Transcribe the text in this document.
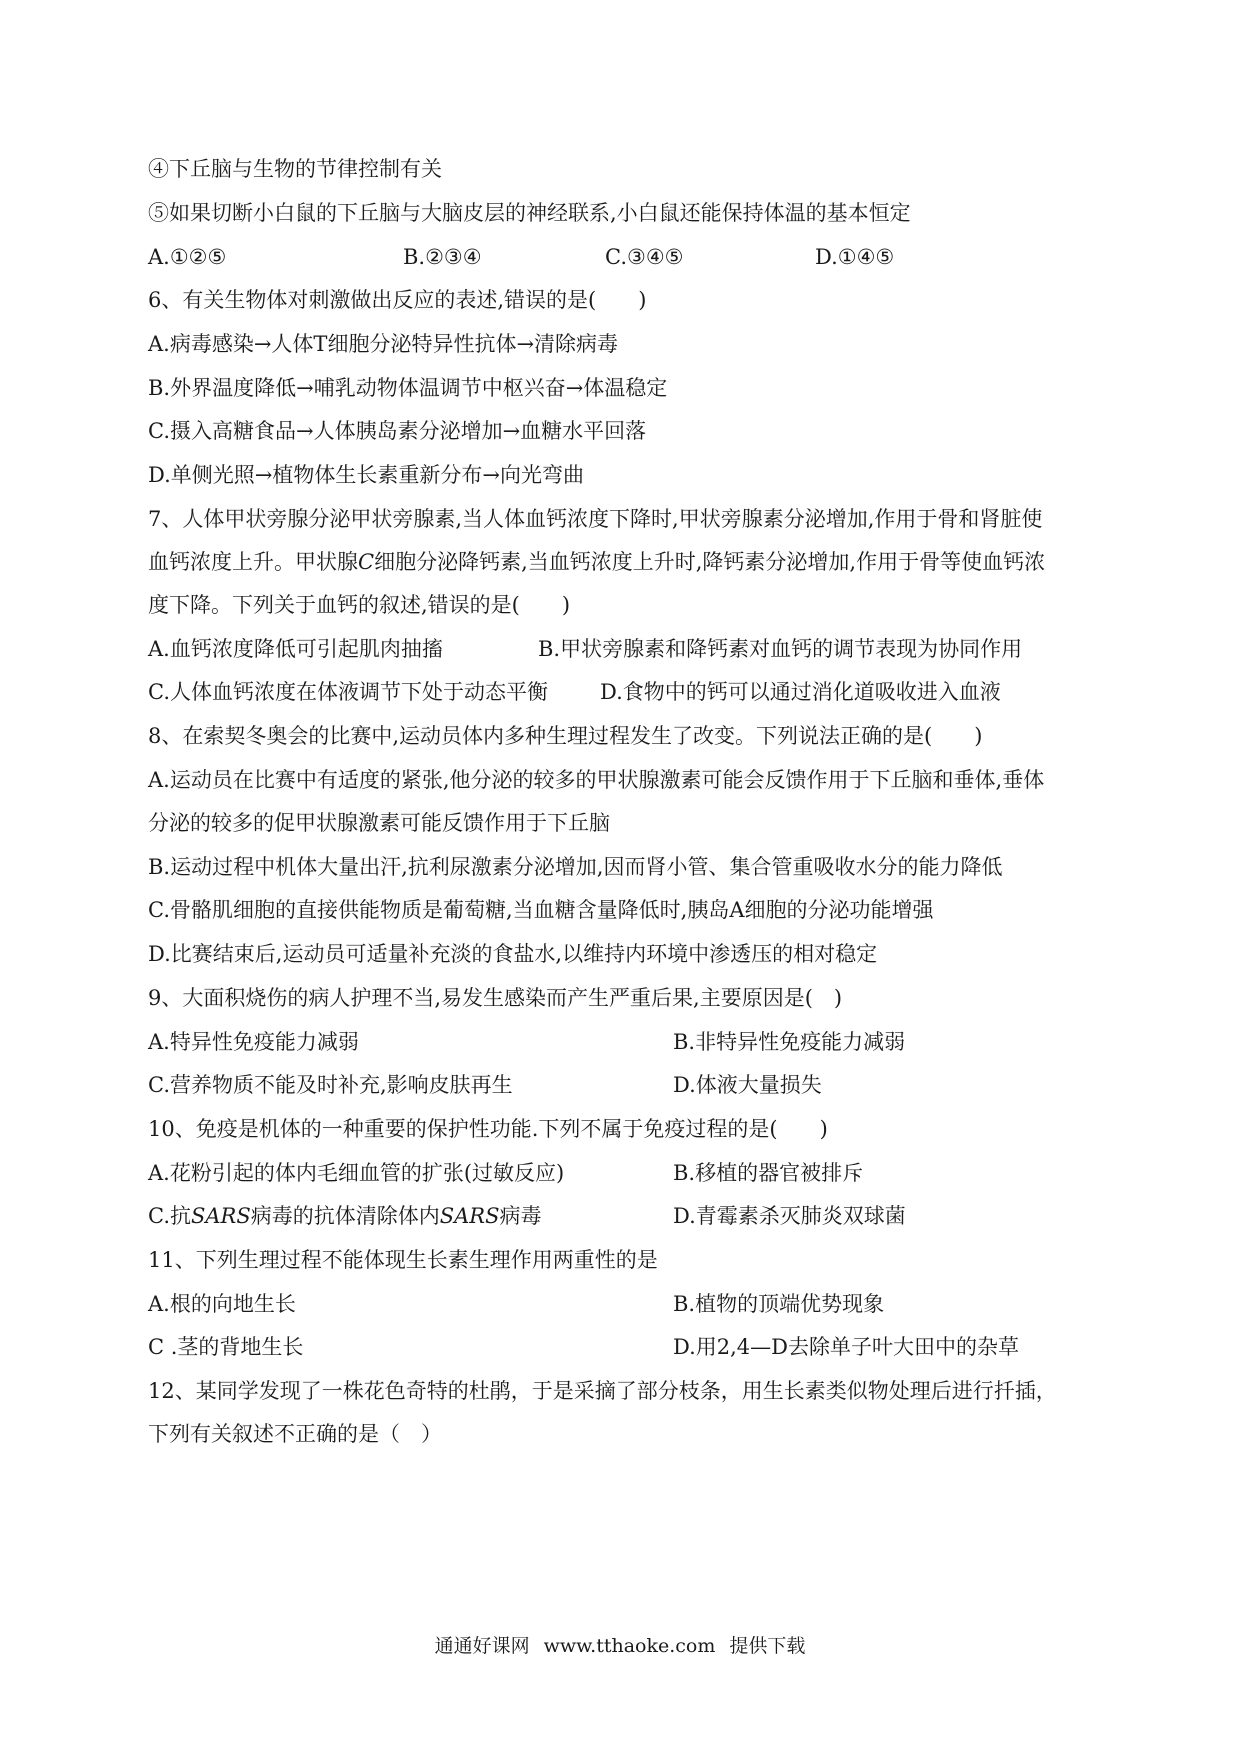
④下丘脑与生物的节律控制有关
⑤如果切断小白鼠的下丘脑与大脑皮层的神经联系,小白鼠还能保持体温的基本恒定
A.①②⑤	B.②③④	C.③④⑤	D.①④⑤
6、有关生物体对刺激做出反应的表述,错误的是(　　)
A.病毒感染→人体T细胞分泌特异性抗体→清除病毒
B.外界温度降低→哺乳动物体温调节中枢兴奋→体温稳定
C.摄入高糖食品→人体胰岛素分泌增加→血糖水平回落
D.单侧光照→植物体生长素重新分布→向光弯曲
7、人体甲状旁腺分泌甲状旁腺素,当人体血钙浓度下降时,甲状旁腺素分泌增加,作用于骨和肾脏使
血钙浓度上升。甲状腺C细胞分泌降钙素,当血钙浓度上升时,降钙素分泌增加,作用于骨等使血钙浓
度下降。下列关于血钙的叙述,错误的是(　　)
A.血钙浓度降低可引起肌肉抽搐	B.甲状旁腺素和降钙素对血钙的调节表现为协同作用
C.人体血钙浓度在体液调节下处于动态平衡 D.食物中的钙可以通过消化道吸收进入血液
8、在索契冬奥会的比赛中,运动员体内多种生理过程发生了改变。下列说法正确的是(　　)
A.运动员在比赛中有适度的紧张,他分泌的较多的甲状腺激素可能会反馈作用于下丘脑和垂体,垂体
分泌的较多的促甲状腺激素可能反馈作用于下丘脑
B.运动过程中机体大量出汗,抗利尿激素分泌增加,因而肾小管、集合管重吸收水分的能力降低
C.骨骼肌细胞的直接供能物质是葡萄糖,当血糖含量降低时,胰岛A细胞的分泌功能增强
D.比赛结束后,运动员可适量补充淡的食盐水,以维持内环境中渗透压的相对稳定
9、大面积烧伤的病人护理不当,易发生感染而产生严重后果,主要原因是(　)
A.特异性免疫能力减弱	B.非特异性免疫能力减弱
C.营养物质不能及时补充,影响皮肤再生	D.体液大量损失
10、免疫是机体的一种重要的保护性功能.下列不属于免疫过程的是(　　)
A.花粉引起的体内毛细血管的扩张(过敏反应)	B.移植的器官被排斥
C.抗SARS病毒的抗体清除体内SARS病毒	D.青霉素杀灭肺炎双球菌
11、下列生理过程不能体现生长素生理作用两重性的是
A.根的向地生长	B.植物的顶端优势现象
C .茎的背地生长	D.用2,4—D去除单子叶大田中的杂草
12、某同学发现了一株花色奇特的杜鹃，于是采摘了部分枝条，用生长素类似物处理后进行扦插，
下列有关叙述不正确的是（　）
通通好课网 www.tthaoke.com 提供下载
